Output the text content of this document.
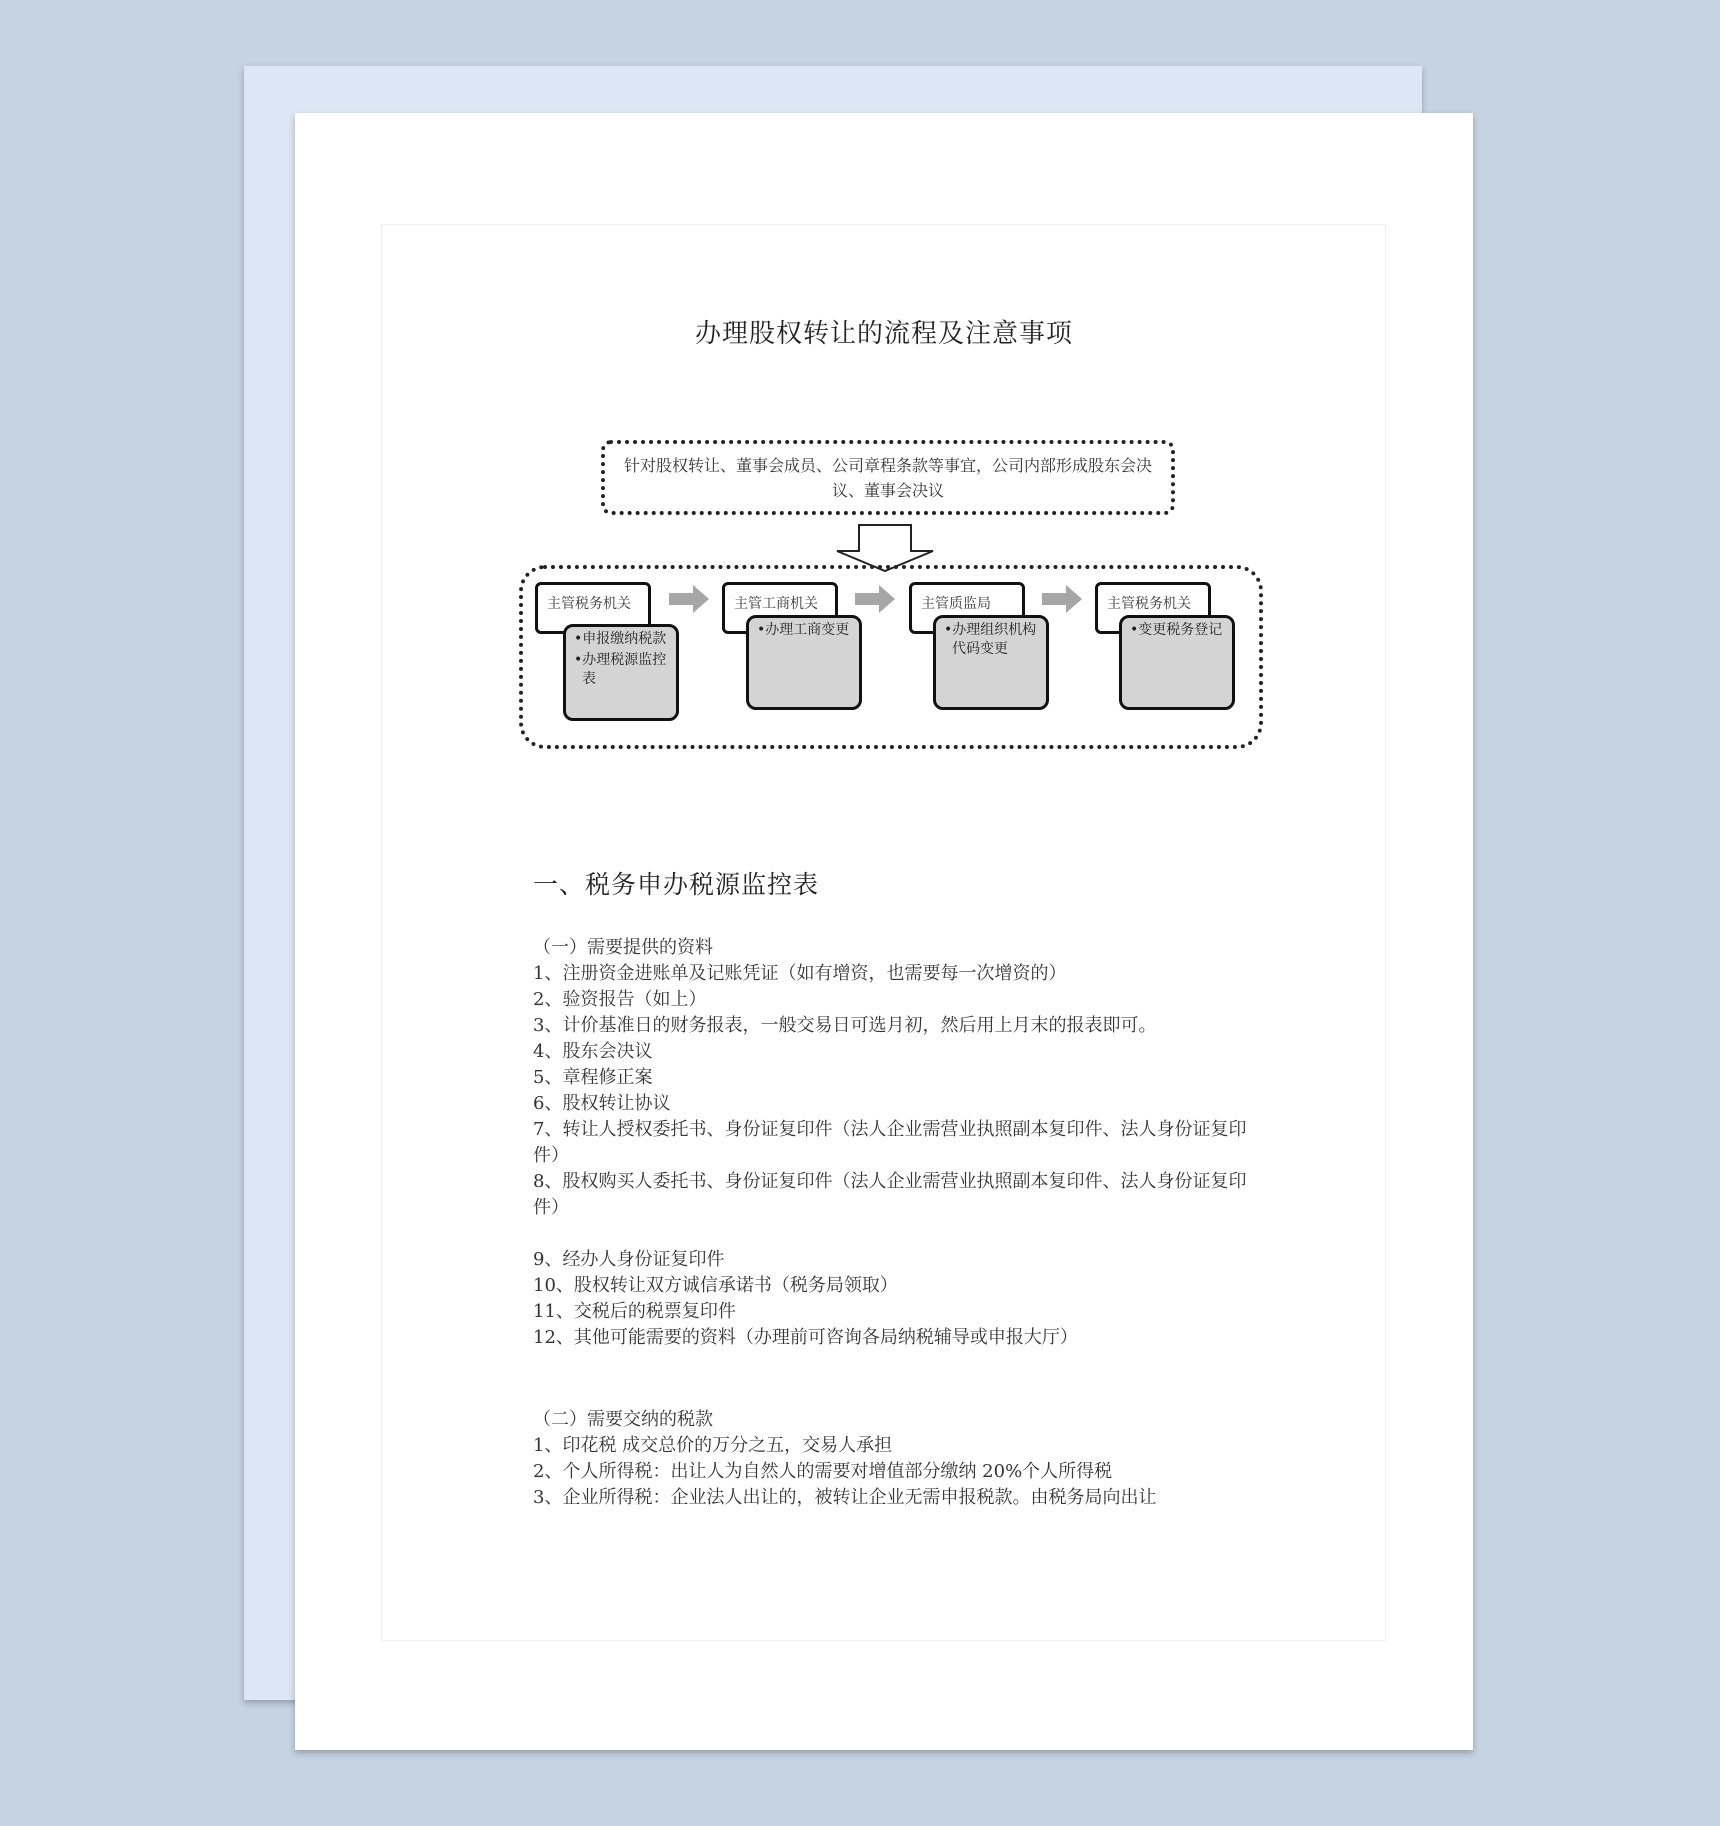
办理股权转让的流程及注意事项
针对股权转让、董事会成员、公司章程条款等事宜，公司内部形成股东会决议、董事会决议
主管税务机关
•申报缴纳税款
•办理税源监控表
主管工商机关
•办理工商变更
主管质监局
•办理组织机构代码变更
主管税务机关
•变更税务登记
一、税务申办税源监控表
（一）需要提供的资料
1、注册资金进账单及记账凭证（如有增资，也需要每一次增资的）
2、验资报告（如上）
3、计价基准日的财务报表，一般交易日可选月初，然后用上月末的报表即可。
4、股东会决议
5、章程修正案
6、股权转让协议
7、转让人授权委托书、身份证复印件（法人企业需营业执照副本复印件、法人身份证复印件）
8、股权购买人委托书、身份证复印件（法人企业需营业执照副本复印件、法人身份证复印件）
9、经办人身份证复印件
10、股权转让双方诚信承诺书（税务局领取）
11、交税后的税票复印件
12、其他可能需要的资料（办理前可咨询各局纳税辅导或申报大厅）
（二）需要交纳的税款
1、印花税 成交总价的万分之五，交易人承担
2、个人所得税：出让人为自然人的需要对增值部分缴纳 20%个人所得税
3、企业所得税：企业法人出让的，被转让企业无需申报税款。由税务局向出让
